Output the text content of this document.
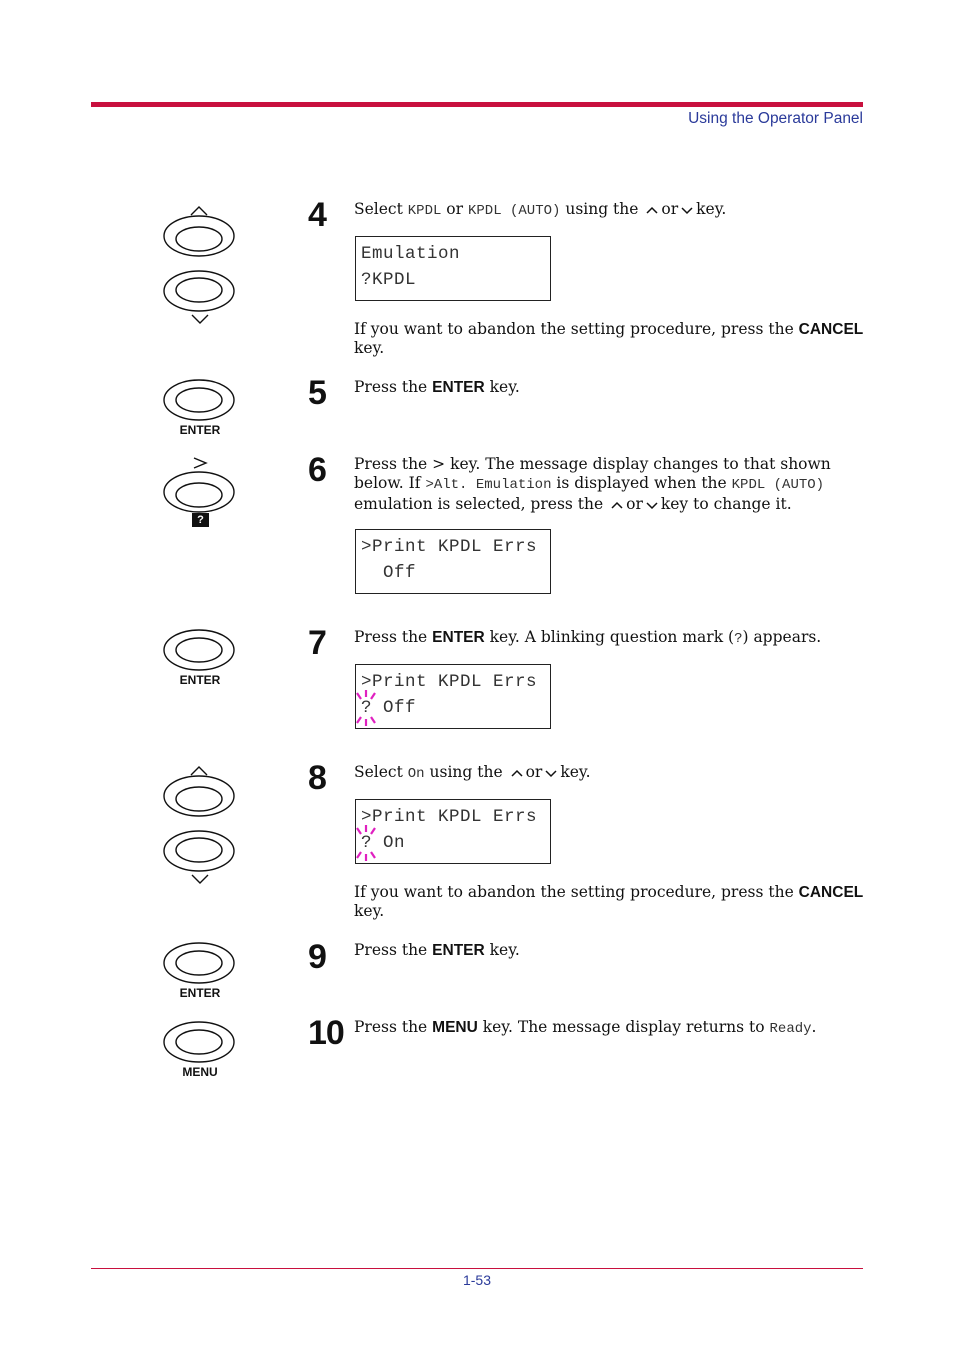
Using the Operator Panel
1-53
4 Select KPDL or KPDL (AUTO) using the or key.
Emulation
?KPDL
If you want to abandon the setting procedure, press the CANCEL key.
ENTER
5 Press the ENTER key.
?
6 Press the > key. The message display changes to that shown below. If >Alt. Emulation is displayed when the KPDL (AUTO) emulation is selected, press the or key to change it.
>Print KPDL Errs
Off
ENTER
7 Press the ENTER key. A blinking question mark (?) appears.
>Print KPDL Errs
? Off
8 Select On using the or key.
>Print KPDL Errs
? On
If you want to abandon the setting procedure, press the CANCEL key.
ENTER
9 Press the ENTER key.
MENU
10 Press the MENU key. The message display returns to Ready.
